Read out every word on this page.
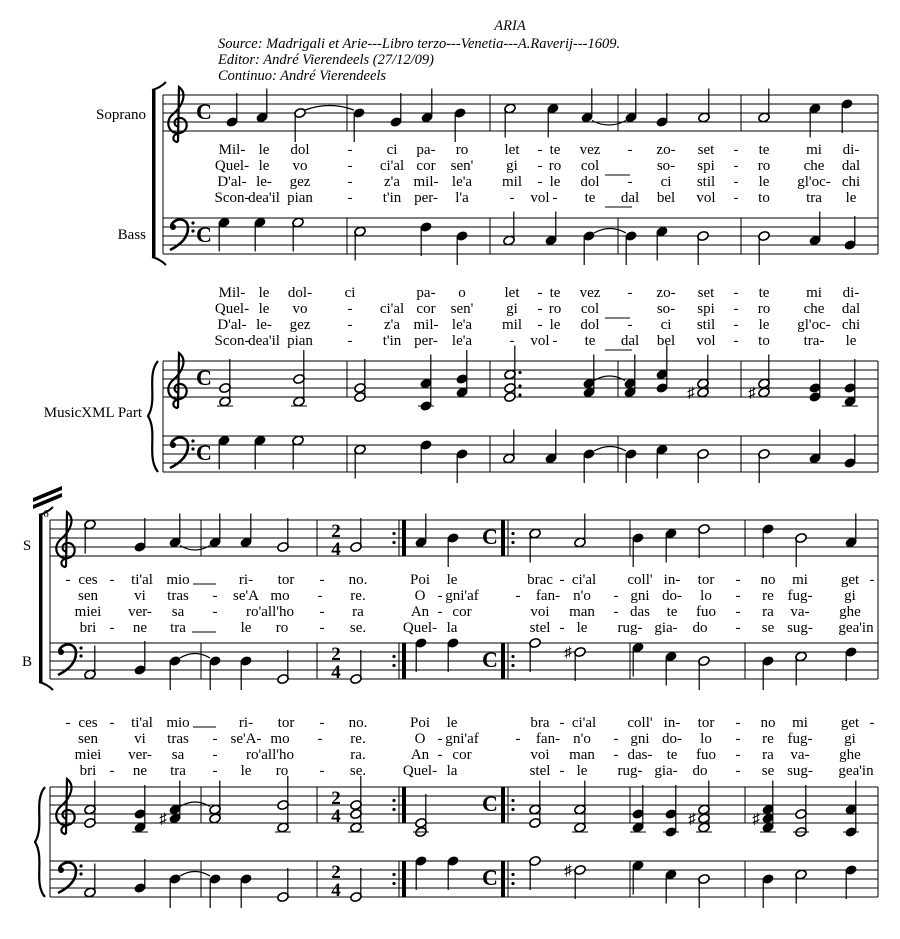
ARIA
Source: Madrigali et Arie---Libro terzo---Venetia---A.Raverij---1609.
Editor: André Vierendeels (27/12/09)
Continuo: André Vierendeels
Soprano
Bass
MusicXML Part
C
C
C
C
♯	♯
Mil- le dol	- ci pa- ro let - te vez - zo- set - te mi di-
Quel- le vo	- ci'al cor sen' gi - ro col	so- spi - ro che dal
D'al- le- gez - z'a mil- le'a mil - le dol - ci stil - le gl'oc- chi
Scon-
dea'il pian - t'in per- l'a	- vol - te dal bel vol - to tra le
Mil- le dol- ci	pa- o	let - te vez - zo- set - te mi di-
Quel- le vo	- ci'al cor sen' gi - ro col	so- spi - ro che dal
D'al- le- gez - z'a mil- le'a mil - le dol - ci stil - le gl'oc- chi
Scon-
dea'il pian - t'in per- le'a - vol - te dal bel vol - to tra- le
6
S
B
2
4
C
2
4
C
2
4
C
2
4
C
♯
♯	♯	♯
♯
- ces - ti'al mio	ri- tor - no.	Poi le	brac - ci'al coll' in- tor - no mi get -
sen vi tras - se'A mo - re.	O - gni'af - fan- n'o - gni do- lo - re fug- gi
miei ver- sa - ro'all'ho - ra	An - cor	voi man - das te fuo - ra va- ghe
bri - ne tra	le ro - se. Quel- la	stel - le rug- gia- do - se sug- gea'in
- ces - ti'al mio	ri- tor - no.	Poi le	bra - ci'al coll' in- tor - no mi get -
sen vi tras - se'A- mo - re.	O - gni'af - fan- n'o - gni do- lo - re fug- gi
miei ver- sa - ro'all'ho	ra.	An - cor	voi man - das- te fuo - ra va- ghe
bri - ne tra - le ro - se. Quel- la	stel - le rug- gia- do - se sug- gea'in
